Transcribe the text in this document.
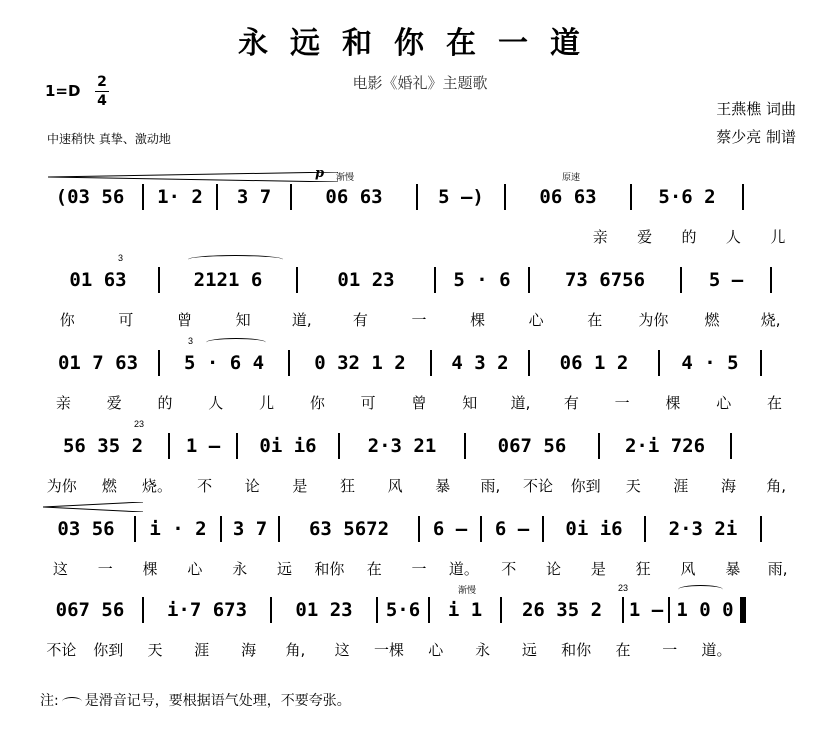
永远和你在一道
电影《婚礼》主题歌
1=D 2
4
中速稍快 真挚、激动地
王燕樵 词曲
蔡少亮 制谱
p 渐慢	原速
(03 56	1· 2	3 7	06 63	5 —)	06 63	5·6 2
亲	爱	的	人	儿
3
01 63	2121 6	01 23	5 · 6	73 6756	5 —
你	可	曾	知	道,	有	一	棵	心	在	为你	燃	烧,
3
01 7 63	5 · 6 4	0 32 1 2	4 3 2	06 1 2	4 · 5
亲	爱	的	人	儿	你	可	曾	知	道,	有	一	棵	心	在
23
56 35 2	1 —	0i i6	2·3 21	067 56	2·i 726
为你	燃	烧。	不	论	是	狂	风	暴	雨,	不论	你到	天	涯	海	角,
03 56	i · 2	3 7	63 5672	6 —	6 —	0i i6	2·3 2i
这	一	棵	心	永	远	和你	在	一	道。	不	论	是	狂	风	暴	雨,
渐慢	23
067 56	i·7 673	01 23	5·6	i 1	26 35 2	1 — 1 0 0
不论	你到	天	涯	海	角,	这	一棵	心	永	远	和你	在	一	道。
注: 是滑音记号，要根据语气处理，不要夸张。
